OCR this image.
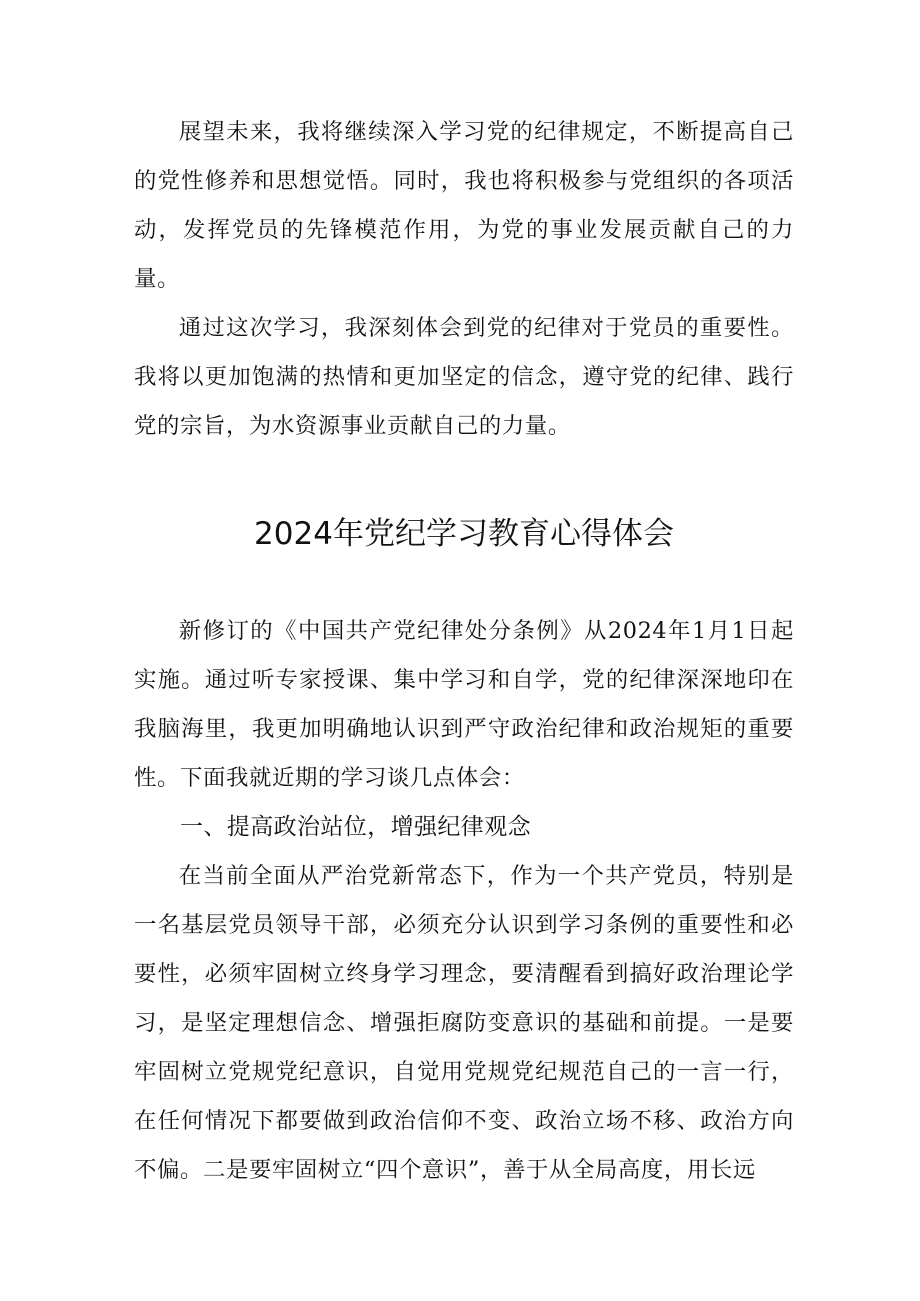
展望未来，我将继续深入学习党的纪律规定，不断提高自己的党性修养和思想觉悟。同时，我也将积极参与党组织的各项活动，发挥党员的先锋模范作用，为党的事业发展贡献自己的力量。

通过这次学习，我深刻体会到党的纪律对于党员的重要性。我将以更加饱满的热情和更加坚定的信念，遵守党的纪律、践行党的宗旨，为水资源事业贡献自己的力量。

2024年党纪学习教育心得体会

新修订的《中国共产党纪律处分条例》从2024年1月1日起实施。通过听专家授课、集中学习和自学，党的纪律深深地印在我脑海里，我更加明确地认识到严守政治纪律和政治规矩的重要性。下面我就近期的学习谈几点体会：

一、提高政治站位，增强纪律观念

在当前全面从严治党新常态下，作为一个共产党员，特别是一名基层党员领导干部，必须充分认识到学习条例的重要性和必要性，必须牢固树立终身学习理念，要清醒看到搞好政治理论学习，是坚定理想信念、增强拒腐防变意识的基础和前提。一是要牢固树立党规党纪意识，自觉用党规党纪规范自己的一言一行，在任何情况下都要做到政治信仰不变、政治立场不移、政治方向不偏。二是要牢固树立“四个意识”，善于从全局高度，用长远
